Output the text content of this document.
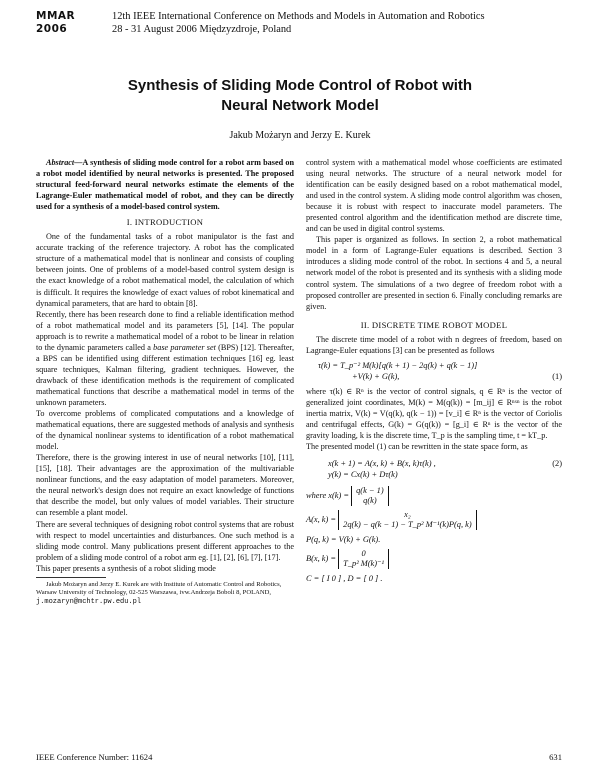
MMAR
2006
12th IEEE International Conference on Methods and Models in Automation and Robotics
28 - 31 August 2006 Międzyzdroje, Poland
Synthesis of Sliding Mode Control of Robot with
Neural Network Model
Jakub Możaryn and Jerzy E. Kurek

Abstract—A synthesis of sliding mode control for a robot arm based on a robot model identified by neural networks is presented. The proposed structural feed-forward neural networks estimate the elements of the Lagrange-Euler mathematical model of robot, and they can be directly used for a synthesis of a model-based control system.

I. INTRODUCTION

One of the fundamental tasks of a robot manipulator is the fast and accurate tracking of the reference trajectory. A robot has the complicated structure of a mathematical model that is nonlinear and consists of coupling between joints. One of problems of a model-based control system design is the exact knowledge of a robot mathematical model, the calculation of which is difficult. It requires the knowledge of exact values of robot kinematical and dynamical parameters, that are hard to obtain [8].

Recently, there has been research done to find a reliable identification method of a robot mathematical model and its parameters [5], [14]. The popular approach is to rewrite a mathematical model of a robot to be linear in relation to the dynamic parameters called a base parameter set (BPS) [12]. Thereafter, a BPS can be identified using different estimation techniques [16] eg. least square techniques, Kalman filtering, gradient techniques. However, the drawback of these identification methods is the requirement of complicated mathematical functions that describe a mathematical model in terms of the unknown parameters.

To overcome problems of complicated computations and a knowledge of mathematical equations, there are suggested methods of analysis and synthesis of the dynamical nonlinear systems to identification of a robot mathematical model.

Therefore, there is the growing interest in use of neural networks [10], [11], [15], [18]. Their advantages are the approximation of the multivariable nonlinear functions, and the easy adaptation of model parameters. Moreover, the neural network's design does not require an exact knowledge of functions that describe the model, but only values of model variables. Their structure can resemble a plant model.

There are several techniques of designing robot control systems that are robust with respect to model uncertainties and disturbances. One such method is a sliding mode control. Many publications present different approaches to the problem of a sliding mode control of a robot arm eg. [1], [2], [6], [7], [17].

This paper presents a synthesis of a robot sliding mode

Jakub Możaryn and Jerzy E. Kurek are with Institute of Automatic Control and Robotics, Warsaw University of Technology, 02-525 Warszawa, ivw.Andrzeja Boboli 8, POLAND, j.mozaryn@mchtr.pw.edu.pl

control system with a mathematical model whose coefficients are estimated using neural networks. The structure of a neural network model for identification can be easily designed based on a robot mathematical model, and used in the control system. A sliding mode control algorithm was chosen, because it is robust with respect to inaccurate model parameters. The presented control algorithm and the identification method are discrete time, and can be used in digital control systems.

This paper is organized as follows. In section 2, a robot mathematical model in a form of Lagrange-Euler equations is described. Section 3 introduces a sliding mode control of the robot. In sections 4 and 5, a neural network model of the robot is presented and its synthesis with a sliding mode control system. The simulations of a two degree of freedom robot with a proposed controller are presented in section 6. Finally concluding remarks are given.

II. DISCRETE TIME ROBOT MODEL

The discrete time model of a robot with n degrees of freedom, based on Lagrange-Euler equations [3] can be presented as follows

τ(k) = T_p⁻² M(k)[q(k + 1) − 2q(k) + q(k − 1)]
+V(k) + G(k),	(1)

where τ(k) ∈ Rⁿ is the vector of control signals, q ∈ Rⁿ is the vector of generalized joint coordinates, M(k) = M(q(k)) = [m_ij] ∈ Rⁿˣⁿ is the robot inertia matrix, V(k) = V(q(k), q(k − 1)) = [v_i] ∈ Rⁿ is the vector of Coriolis and centrifugal effects, G(k) = G(q(k)) = [g_i] ∈ Rⁿ is the vector of the gravity loading, k is the discrete time, T_p is the sampling time, t = kT_p.

The presented model (1) can be rewritten in the state space form, as

x(k + 1) = A(x, k) + B(x, k)τ(k) ,
y(k) = Cx(k) + Dτ(k)
(2)
where x(k) =
q(k − 1)
q(k)
A(x, k) =
x₂
2q(k) − q(k − 1) − T_p² M⁻¹(k)P(q, k)
P(q, k) = V(k) + G(k).
B(x, k) =
0
T_p² M(k)⁻¹
C = [ I 0 ] , D = [ 0 ] .
IEEE Conference Number: 11624	631
